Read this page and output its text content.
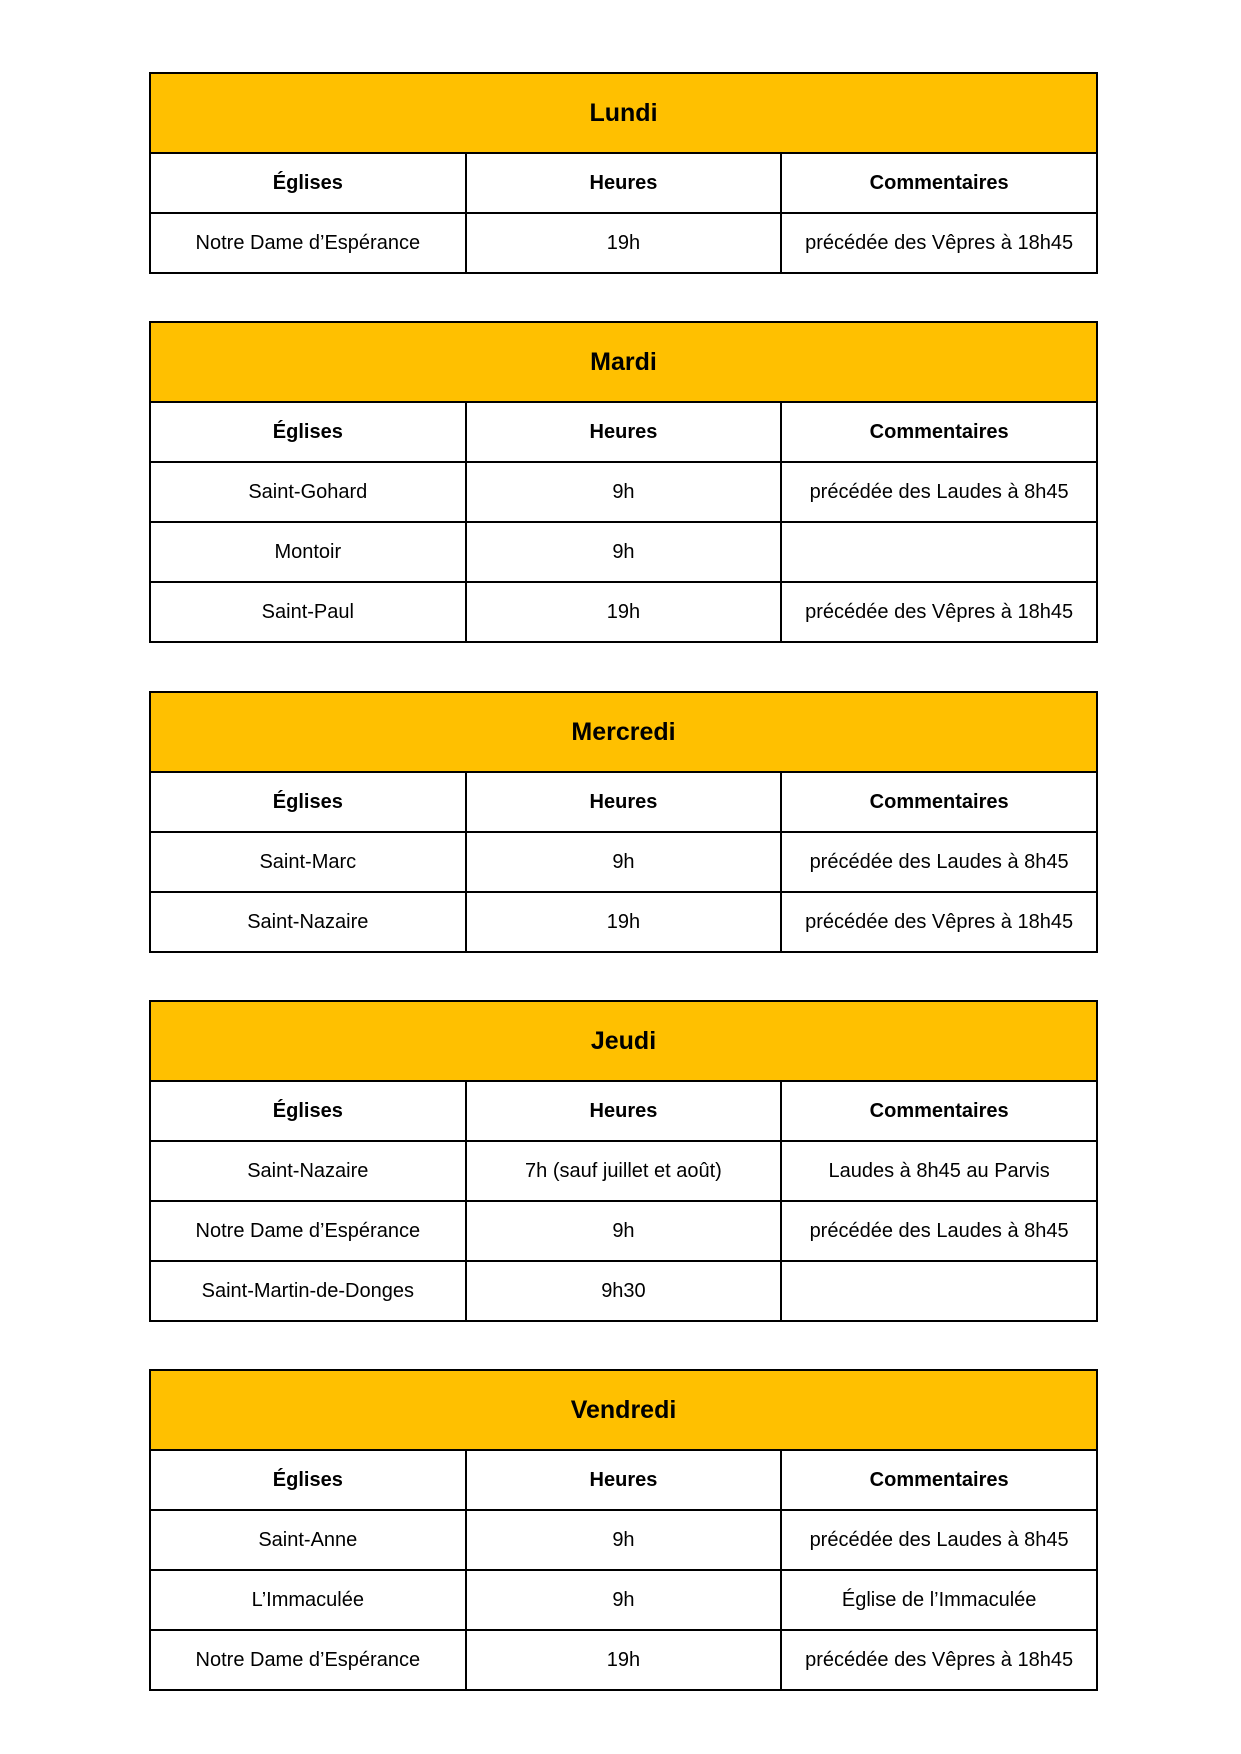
Lundi		
Églises	Heures	Commentaires
Notre Dame d’Espérance	19h	précédée des Vêpres à 18h45
Mardi		
Églises	Heures	Commentaires
Saint-Gohard	9h	précédée des Laudes à 8h45
Montoir	9h	
Saint-Paul	19h	précédée des Vêpres à 18h45
Mercredi		
Églises	Heures	Commentaires
Saint-Marc	9h	précédée des Laudes à 8h45
Saint-Nazaire	19h	précédée des Vêpres à 18h45
Jeudi		
Églises	Heures	Commentaires
Saint-Nazaire	7h (sauf juillet et août)	Laudes à 8h45 au Parvis
Notre Dame d’Espérance	9h	précédée des Laudes à 8h45
Saint-Martin-de-Donges	9h30	
Vendredi		
Églises	Heures	Commentaires
Saint-Anne	9h	précédée des Laudes à 8h45
L’Immaculée	9h	Église de l’Immaculée
Notre Dame d’Espérance	19h	précédée des Vêpres à 18h45
